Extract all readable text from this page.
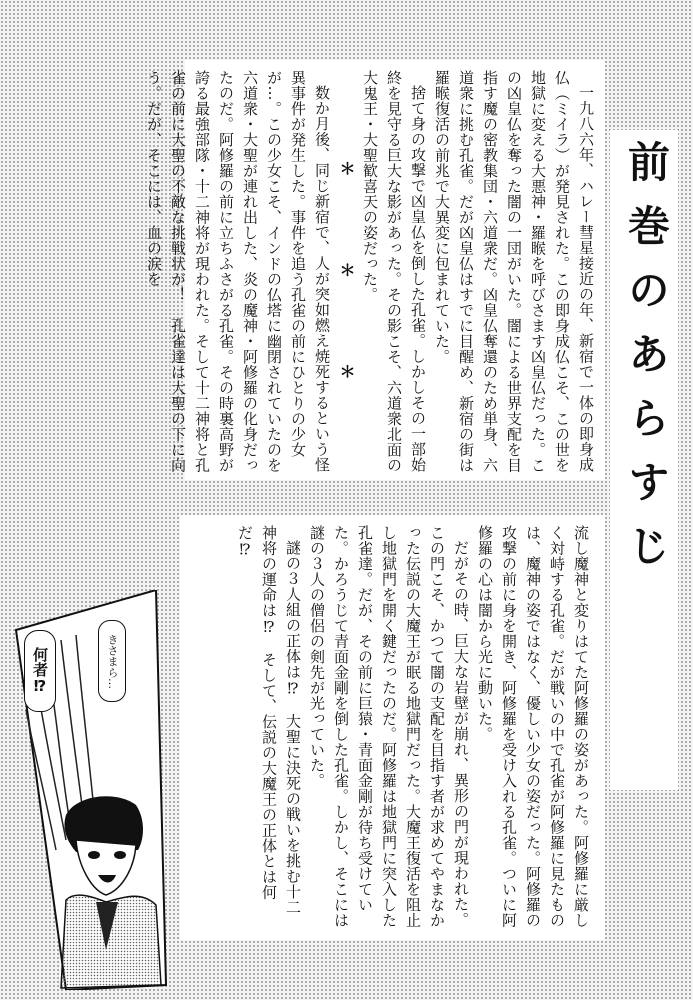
前巻のあらすじ

一九八六年、ハレー彗星接近の年、新宿で一体の即身成仏（ミイラ）が発見された。この即身成仏こそ、この世を地獄に変える大悪神・羅睺を呼びさます凶皇仏だった。この凶皇仏を奪った闇の一団がいた。闇による世界支配を目指す魔の密教集団・六道衆だ。凶皇仏奪還のため単身、六道衆に挑む孔雀。だが凶皇仏はすでに目醒め、新宿の街は羅睺復活の前兆で大異変に包まれていた。

捨て身の攻撃で凶皇仏を倒した孔雀。しかしその一部始終を見守る巨大な影があった。その影こそ、六道衆北面の大鬼王・大聖歓喜天の姿だった。

＊ ＊ ＊

数か月後、同じ新宿で、人が突如燃え焼死するという怪異事件が発生した。事件を追う孔雀の前にひとりの少女が…。この少女こそ、インドの仏塔に幽閉されていたのを六道衆・大聖が連れ出した、炎の魔神・阿修羅の化身だったのだ。阿修羅の前に立ちふさがる孔雀。その時裏高野が誇る最強部隊・十二神将が現われた。そして十二神将と孔雀の前に大聖の不敵な挑戦状が！　孔雀達は大聖の下に向う。だが、そこには、血の涙を

流し魔神と変りはてた阿修羅の姿があった。阿修羅に厳しく対峙する孔雀。だが戦いの中で孔雀が阿修羅に見たものは、魔神の姿ではなく、優しい少女の姿だった。阿修羅の攻撃の前に身を開き、阿修羅を受け入れる孔雀。ついに阿修羅の心は闇から光に動いた。

だがその時、巨大な岩壁が崩れ、異形の門が現われた。この門こそ、かつて闇の支配を目指す者が求めてやまなかった伝説の大魔王が眠る地獄門だった。大魔王復活を阻止し地獄門を開く鍵だったのだ。阿修羅は地獄門に突入した孔雀達。だが、その前に巨猿・青面金剛が待ち受けていた。かろうじて青面金剛を倒した孔雀。しかし、そこには謎の３人の僧侶の剣先が光っていた。

謎の３人組の正体は⁉　大聖に決死の戦いを挑む十二神将の運命は⁉　そして、伝説の大魔王の正体とは何だ⁉

きさまら…
何者⁉
